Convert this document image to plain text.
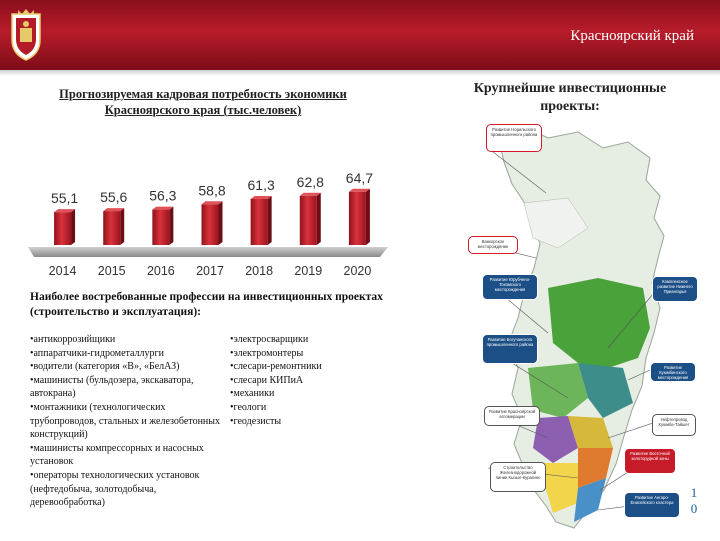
Красноярский край
Прогнозируемая кадровая потребность экономики
Красноярского края (тыс.человек)
55,1
2014
55,6
2015
56,3
2016
58,8
2017
61,3
2018
62,8
2019
64,7
2020
Наиболее востребованные профессии на инвестиционных проектах
(строительство и эксплуатация):
•антикоррозийщики
•аппаратчики-гидрометаллурги
•водители (категория «В», «БелАЗ)
•машинисты (бульдозера, экскаватора, автокрана)
•монтажники (технологических трубопроводов, стальных и железобетонных конструкций)
•машинисты компрессорных и насосных установок
•операторы технологических установок (нефтедобыча, золотодобыча, деревообработка)
•электросварщики
•электромонтеры
•слесари-ремонтники
•слесари КИПиА
•механики
•геологи
•геодезисты
Крупнейшие инвестиционные
проекты:
Развитие Норильского промышленного района
Ванкорское месторождение
Развитие Юрубчено-Тохомского месторождения
Комплексное развитие Нижнего Приангарья
Развитие Богучанского промышленного района
Развитие Куюмбинского месторождения
Нефтепровод Куюмба-Тайшет
Развитие Красноярской агломерации
Развитие Восточной золоторудной зоны
Строительство Железнодорожной линии Кызыл-Курагино
Развитие Ангаро-Енисейского кластера
1
0
